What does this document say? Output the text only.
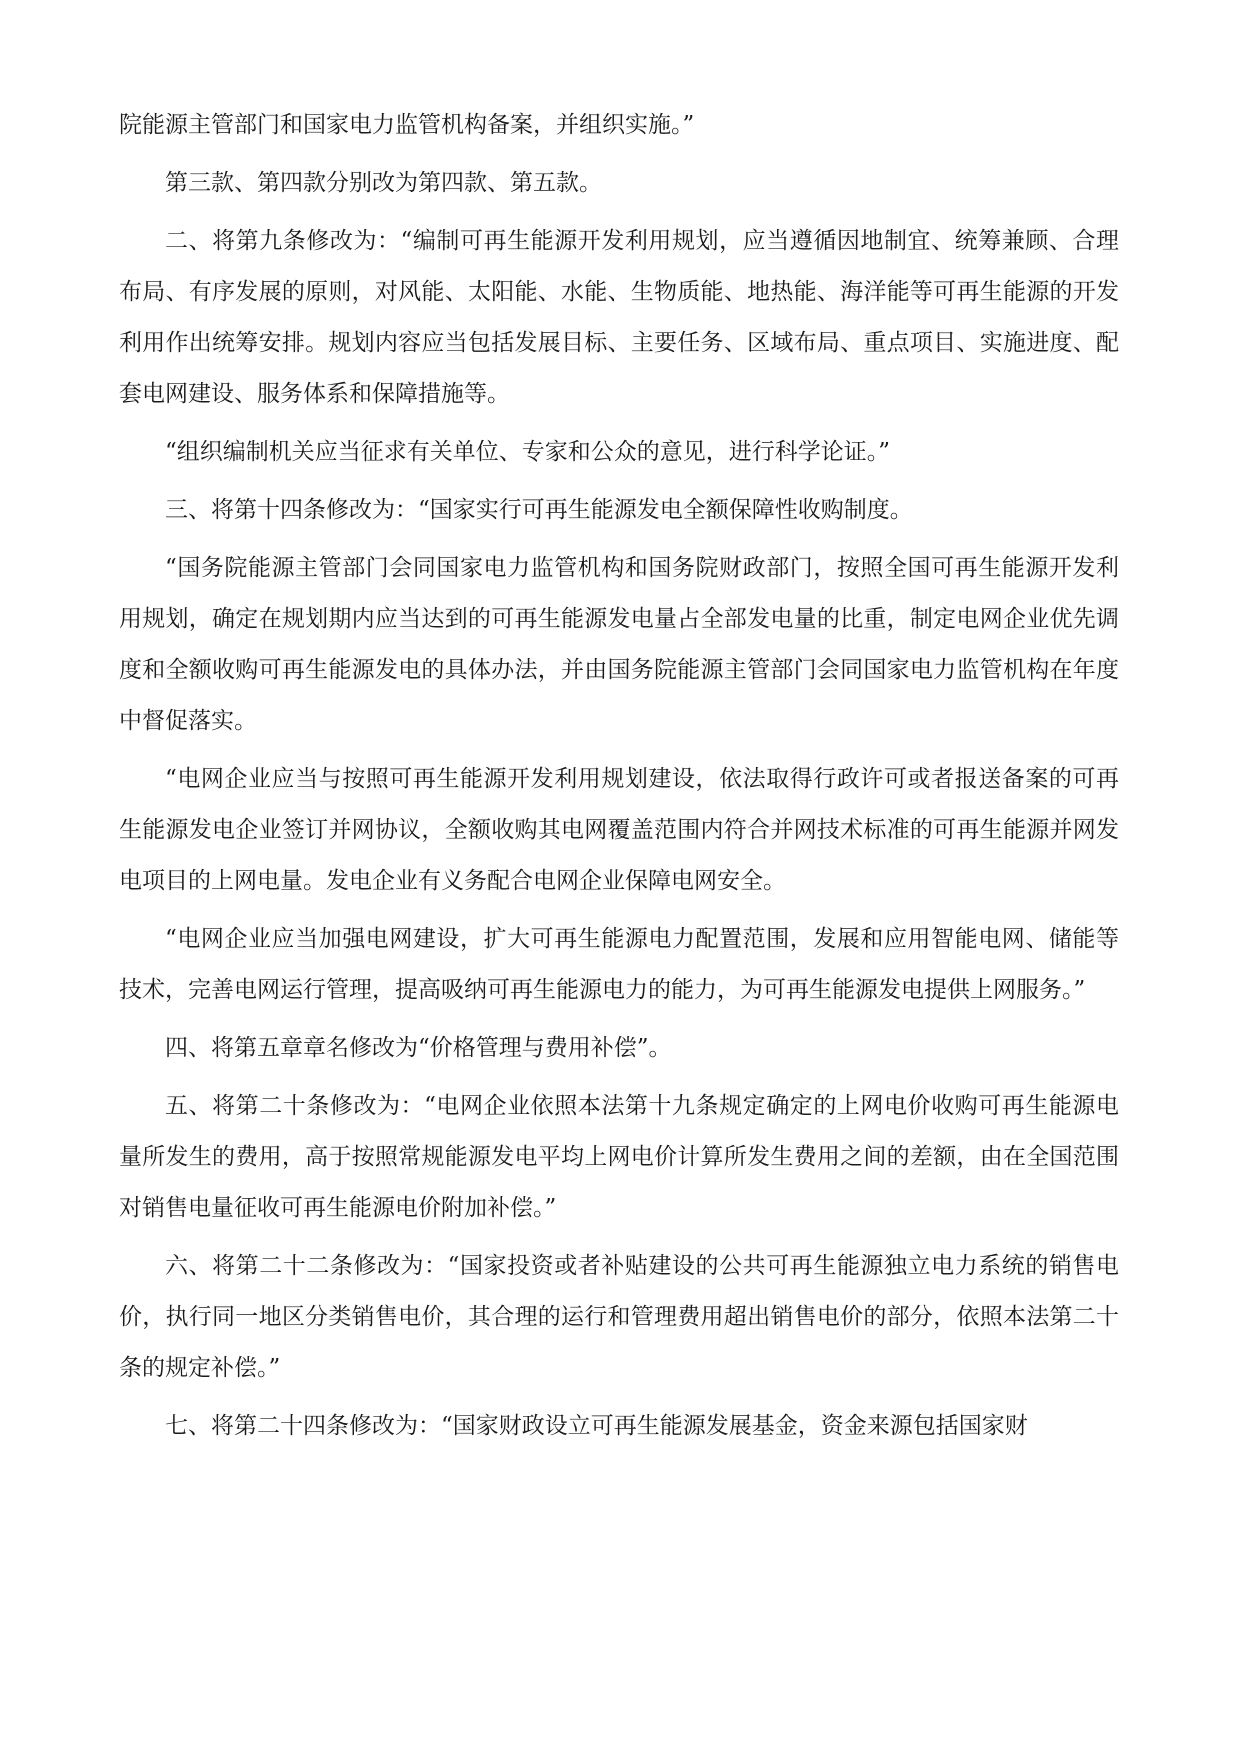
院能源主管部门和国家电力监管机构备案，并组织实施。”

第三款、第四款分别改为第四款、第五款。

二、将第九条修改为：“编制可再生能源开发利用规划，应当遵循因地制宜、统筹兼顾、合理布局、有序发展的原则，对风能、太阳能、水能、生物质能、地热能、海洋能等可再生能源的开发利用作出统筹安排。规划内容应当包括发展目标、主要任务、区域布局、重点项目、实施进度、配套电网建设、服务体系和保障措施等。

“组织编制机关应当征求有关单位、专家和公众的意见，进行科学论证。”

三、将第十四条修改为：“国家实行可再生能源发电全额保障性收购制度。

“国务院能源主管部门会同国家电力监管机构和国务院财政部门，按照全国可再生能源开发利用规划，确定在规划期内应当达到的可再生能源发电量占全部发电量的比重，制定电网企业优先调度和全额收购可再生能源发电的具体办法，并由国务院能源主管部门会同国家电力监管机构在年度中督促落实。

“电网企业应当与按照可再生能源开发利用规划建设，依法取得行政许可或者报送备案的可再生能源发电企业签订并网协议，全额收购其电网覆盖范围内符合并网技术标准的可再生能源并网发电项目的上网电量。发电企业有义务配合电网企业保障电网安全。

“电网企业应当加强电网建设，扩大可再生能源电力配置范围，发展和应用智能电网、储能等技术，完善电网运行管理，提高吸纳可再生能源电力的能力，为可再生能源发电提供上网服务。”

四、将第五章章名修改为“价格管理与费用补偿”。

五、将第二十条修改为：“电网企业依照本法第十九条规定确定的上网电价收购可再生能源电量所发生的费用，高于按照常规能源发电平均上网电价计算所发生费用之间的差额，由在全国范围对销售电量征收可再生能源电价附加补偿。”

六、将第二十二条修改为：“国家投资或者补贴建设的公共可再生能源独立电力系统的销售电价，执行同一地区分类销售电价，其合理的运行和管理费用超出销售电价的部分，依照本法第二十条的规定补偿。”

七、将第二十四条修改为：“国家财政设立可再生能源发展基金，资金来源包括国家财
